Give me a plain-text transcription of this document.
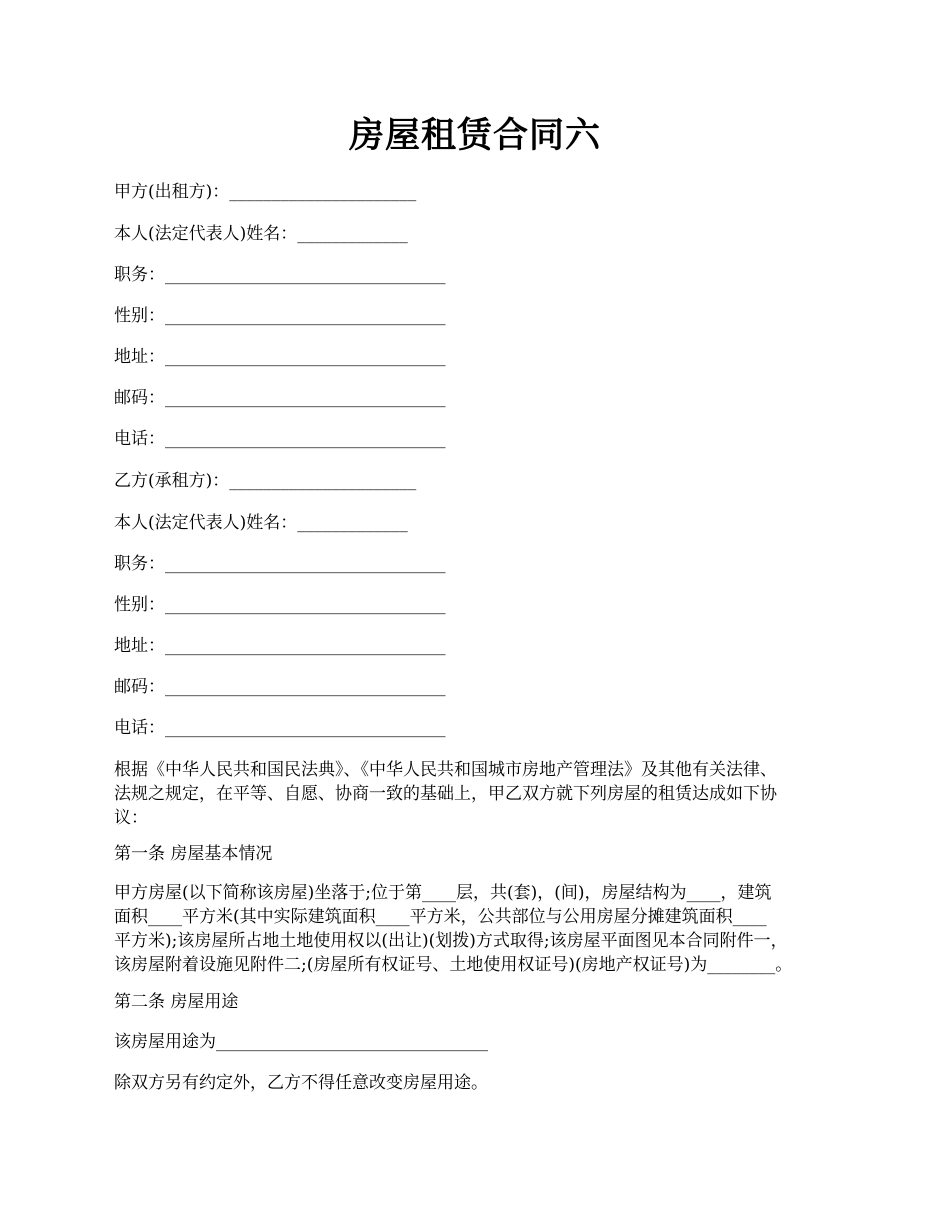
房屋租赁合同六
甲方(出租方)：______________________
本人(法定代表人)姓名：_____________
职务：_________________________________
性别：_________________________________
地址：_________________________________
邮码：_________________________________
电话：_________________________________
乙方(承租方)：______________________
本人(法定代表人)姓名：_____________
职务：_________________________________
性别：_________________________________
地址：_________________________________
邮码：_________________________________
电话：_________________________________
根据《中华人民共和国民法典》、《中华人民共和国城市房地产管理法》及其他有关法律、
法规之规定，在平等、自愿、协商一致的基础上，甲乙双方就下列房屋的租赁达成如下协
议：
第一条 房屋基本情况
甲方房屋(以下简称该房屋)坐落于;位于第____层，共(套)，(间)，房屋结构为____，建筑
面积____平方米(其中实际建筑面积____平方米，公共部位与公用房屋分摊建筑面积____
平方米);该房屋所占地土地使用权以(出让)(划拨)方式取得;该房屋平面图见本合同附件一，
该房屋附着设施见附件二;(房屋所有权证号、土地使用权证号)(房地产权证号)为________。
第二条 房屋用途
该房屋用途为________________________________
除双方另有约定外，乙方不得任意改变房屋用途。
